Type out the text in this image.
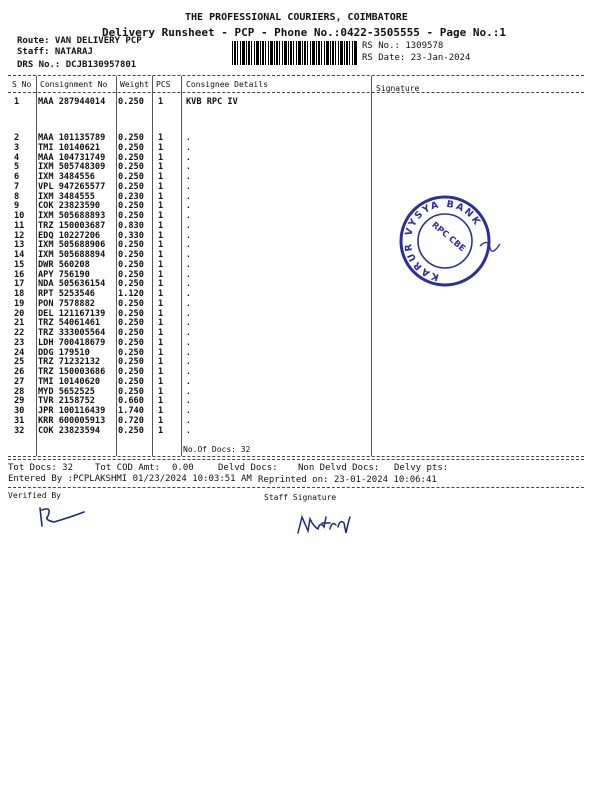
THE PROFESSIONAL COURIERS, COIMBATORE
Delivery Runsheet - PCP - Phone No.:0422-3505555 - Page No.:1
Route: VAN DELIVERY PCP
Staff: NATARAJ
DRS No.: DCJB130957801
RS No.: 1309578
RS Date: 23-Jan-2024
S No Consignment No Weight PCS Consignee Details	Signature
1 MAA 287944014 0.250 1	KVB RPC IV
2 MAA 101135789 0.250 1	.
3 TMI 10140621 0.250 1	.
4 MAA 104731749 0.250 1	.
5 IXM 505748309 0.250 1	.
6 IXM 3484556	0.250 1	.
7 VPL 947265577 0.250 1	.
8 IXM 3484555	0.230 1	.
9 COK 23823590 0.250 1	.
10 IXM 505688893 0.250 1	.
11 TRZ 150003687 0.830 1	.
12 EDQ 10227206 0.330 1	.
13 IXM 505688906 0.250 1	.
14 IXM 505688894 0.250 1	.
15 DWR 560208	0.250 1	.
16 APY 756190	0.250 1	.
17 NDA 505636154 0.250 1	.
18 RPT 5253546	1.120 1	.
19 PON 7578882	0.250 1	.
20 DEL 121167139 0.250 1	.
21 TRZ 54061461 0.250 1	.
22 TRZ 333005564 0.250 1	.
23 LDH 700418679 0.250 1	.
24 DDG 179510	0.250 1	.
25 TRZ 71232132 0.250 1	.
26 TRZ 150003686 0.250 1	.
27 TMI 10140620 0.250 1	.
28 MYD 5652525	0.250 1	.
29 TVR 2158752	0.660 1	.
30 JPR 100116439 1.740 1	.
31 KRR 600005913 0.720 1	.
32 COK 23823594 0.250 1	.
No.Of Docs: 32
Tot Docs: 32 Tot COD Amt: 0.00	Delvd Docs: Non Delvd Docs: Delvy pts:
Entered By :PCPLAKSHMI 01/23/2024 10:03:51 AM Reprinted on: 23-01-2024 10:06:41
Verified By	Staff Signature
KARUR VYSYA BANK
RPC CBE
